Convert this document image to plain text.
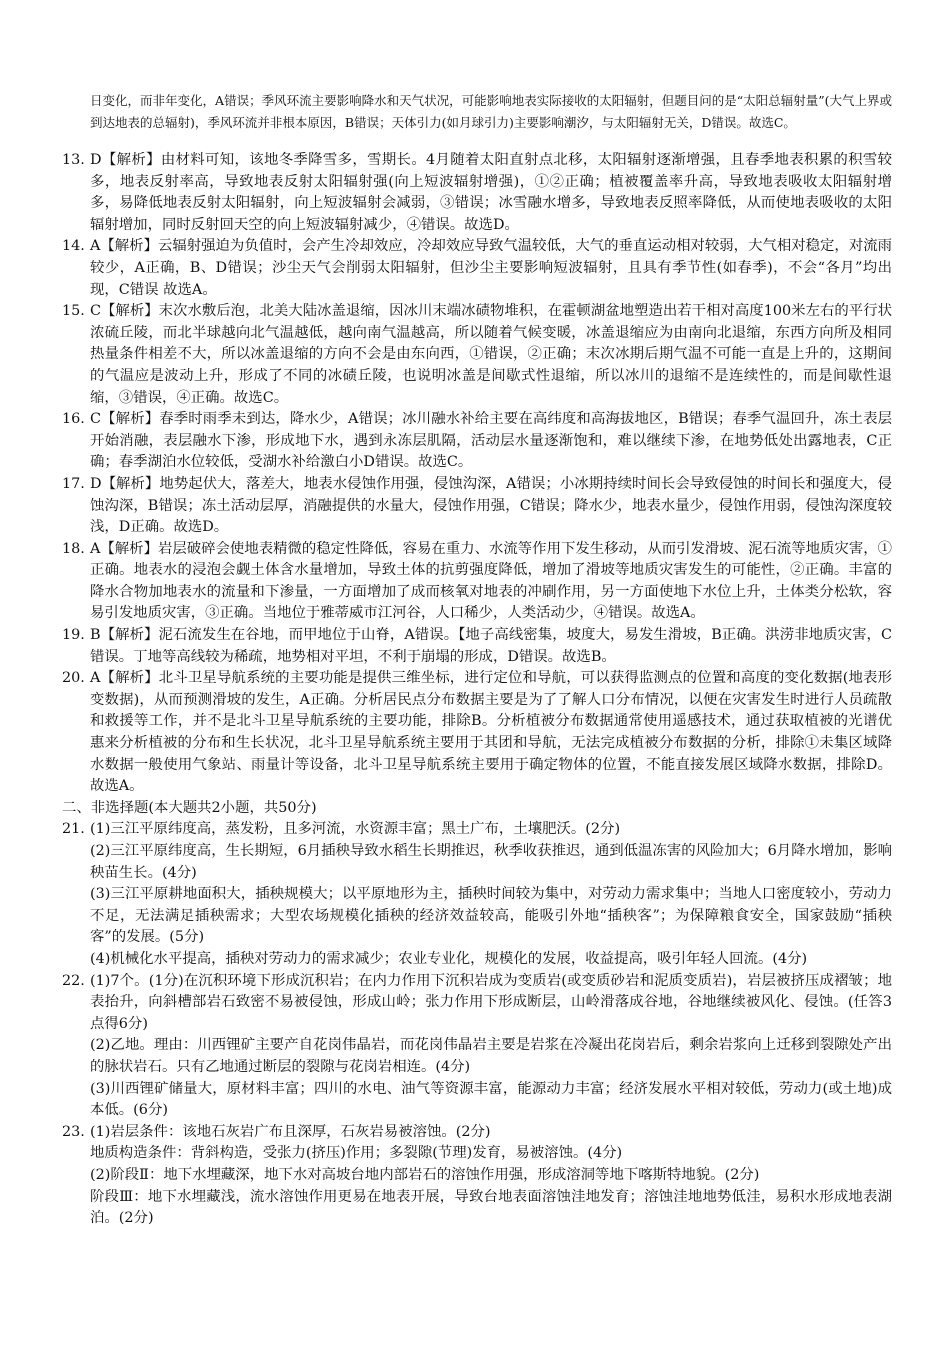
日变化，而非年变化，A错误；季风环流主要影响降水和天气状况，可能影响地表实际接收的太阳辐射，但题目问的是“太阳总辐射量”(大气上界或到达地表的总辐射)，季风环流并非根本原因，B错误；天体引力(如月球引力)主要影响潮汐，与太阳辐射无关，D错误。故选C。

13. D【解析】由材料可知，该地冬季降雪多，雪期长。4月随着太阳直射点北移，太阳辐射逐渐增强，且春季地表积累的积雪较多，地表反射率高，导致地表反射太阳辐射强(向上短波辐射增强)，①②正确；植被覆盖率升高，导致地表吸收太阳辐射增多，易降低地表反射太阳辐射，向上短波辐射会减弱，③错误；冰雪融水增多，导致地表反照率降低，从而使地表吸收的太阳辐射增加，同时反射回天空的向上短波辐射减少，④错误。故选D。
14. A【解析】云辐射强迫为负值时，会产生冷却效应，冷却效应导致气温较低，大气的垂直运动相对较弱，大气相对稳定，对流雨较少，A正确，B、D错误；沙尘天气会削弱太阳辐射，但沙尘主要影响短波辐射，且具有季节性(如春季)，不会“各月”均出现，C错误 故选A。
15. C【解析】末次水敷后泡，北美大陆冰盖退缩，因冰川末端冰碛物堆积，在霍顿湖盆地塑造出若干相对高度100米左右的平行状浓硫丘陵，而北半球越向北气温越低，越向南气温越高，所以随着气候变暖，冰盖退缩应为由南向北退缩，东西方向所及相同热量条件相差不大，所以冰盖退缩的方向不会是由东向西，①错误，②正确；末次冰期后期气温不可能一直是上升的，这期间的气温应是波动上升，形成了不同的冰碛丘陵，也说明冰盖是间歇式性退缩，所以冰川的退缩不是连续性的，而是间歇性退缩，③错误，④正确。故选C。
16. C【解析】春季时雨季未到达，降水少，A错误；冰川融水补给主要在高纬度和高海拔地区，B错误；春季气温回升，冻土表层开始消融，表层融水下渗，形成地下水，遇到永冻层肌隔，活动层水量逐渐饱和，难以继续下渗，在地势低处出露地表，C正确；春季湖泊水位较低，受湖水补给激白小D错误。故选C。
17. D【解析】地势起伏大，落差大，地表水侵蚀作用强，侵蚀沟深，A错误；小冰期持续时间长会导致侵蚀的时间长和强度大，侵蚀沟深，B错误；冻土活动层厚，消融提供的水量大，侵蚀作用强，C错误；降水少，地表水量少，侵蚀作用弱，侵蚀沟深度较浅，D正确。故选D。
18. A【解析】岩层破碎会使地表精微的稳定性降低，容易在重力、水流等作用下发生移动，从而引发滑坡、泥石流等地质灾害，①正确。地表水的浸泡会觑土体含水量增加，导致土体的抗剪强度降低，增加了滑坡等地质灾害发生的可能性，②正确。丰富的降水合物加地表水的流量和下渗量，一方面增加了成而核氧对地表的冲刷作用，另一方面使地下水位上升，土体类分松软，容易引发地质灾害，③正确。当地位于雅蒂威市江河谷，人口稀少，人类活动少，④错误。故选A。
19. B【解析】泥石流发生在谷地，而甲地位于山脊，A错误。【地子高线密集，坡度大，易发生滑坡，B正确。洪涝非地质灾害，C错误。丁地等高线较为稀疏，地势相对平坦，不利于崩塌的形成，D错误。故选B。
20. A【解析】北斗卫星导航系统的主要功能是提供三维坐标，进行定位和导航，可以获得监测点的位置和高度的变化数据(地表形变数据)，从而预测滑坡的发生，A正确。分析居民点分布数据主要是为了了解人口分布情况，以便在灾害发生时进行人员疏散和救援等工作，并不是北斗卫星导航系统的主要功能，排除B。分析植被分布数据通常使用遥感技术，通过获取植被的光谱优惠来分析植被的分布和生长状况，北斗卫星导航系统主要用于其团和导航，无法完成植被分布数据的分析，排除①未集区域降水数据一般使用气象站、雨量计等设备，北斗卫星导航系统主要用于确定物体的位置，不能直接发展区域降水数据，排除D。故选A。

二、非选择题(本大题共2小题，共50分)

21. (1)三江平原纬度高，蒸发粉，且多河流，水资源丰富；黑土广布，土壤肥沃。(2分)

(2)三江平原纬度高，生长期短，6月插秧导致水稻生长期推迟，秋季收获推迟，通到低温冻害的风险加大；6月降水增加，影响秧苗生长。(4分)

(3)三江平原耕地面积大，插秧规模大；以平原地形为主，插秧时间较为集中，对劳动力需求集中；当地人口密度较小，劳动力不足，无法满足插秧需求；大型农场规模化插秧的经济效益较高，能吸引外地“插秧客”；为保障粮食安全，国家鼓励“插秧客”的发展。(5分)

(4)机械化水平提高，插秧对劳动力的需求减少；农业专业化，规模化的发展，收益提高，吸引年轻人回流。(4分)

22. (1)7个。(1分)在沉积环境下形成沉积岩；在内力作用下沉积岩成为变质岩(或变质砂岩和泥质变质岩)，岩层被挤压成褶皱；地表抬升，向斜槽部岩石致密不易被侵蚀，形成山岭；张力作用下形成断层，山岭滑落成谷地，谷地继续被风化、侵蚀。(任答3点得6分)

(2)乙地。理由：川西锂矿主要产自花岗伟晶岩，而花岗伟晶岩主要是岩浆在冷凝出花岗岩后，剩余岩浆向上迁移到裂隙处产出的脉状岩石。只有乙地通过断层的裂隙与花岗岩相连。(4分)

(3)川西锂矿储量大，原材料丰富；四川的水电、油气等资源丰富，能源动力丰富；经济发展水平相对较低，劳动力(或土地)成本低。(6分)

23. (1)岩层条件：该地石灰岩广布且深厚，石灰岩易被溶蚀。(2分)

地质构造条件：背斜构造，受张力(挤压)作用；多裂隙(节理)发育，易被溶蚀。(4分)

(2)阶段Ⅱ：地下水埋藏深，地下水对高坡台地内部岩石的溶蚀作用强，形成溶洞等地下喀斯特地貌。(2分)

阶段Ⅲ：地下水埋藏浅，流水溶蚀作用更易在地表开展，导致台地表面溶蚀洼地发育；溶蚀洼地地势低洼，易积水形成地表湖泊。(2分)
